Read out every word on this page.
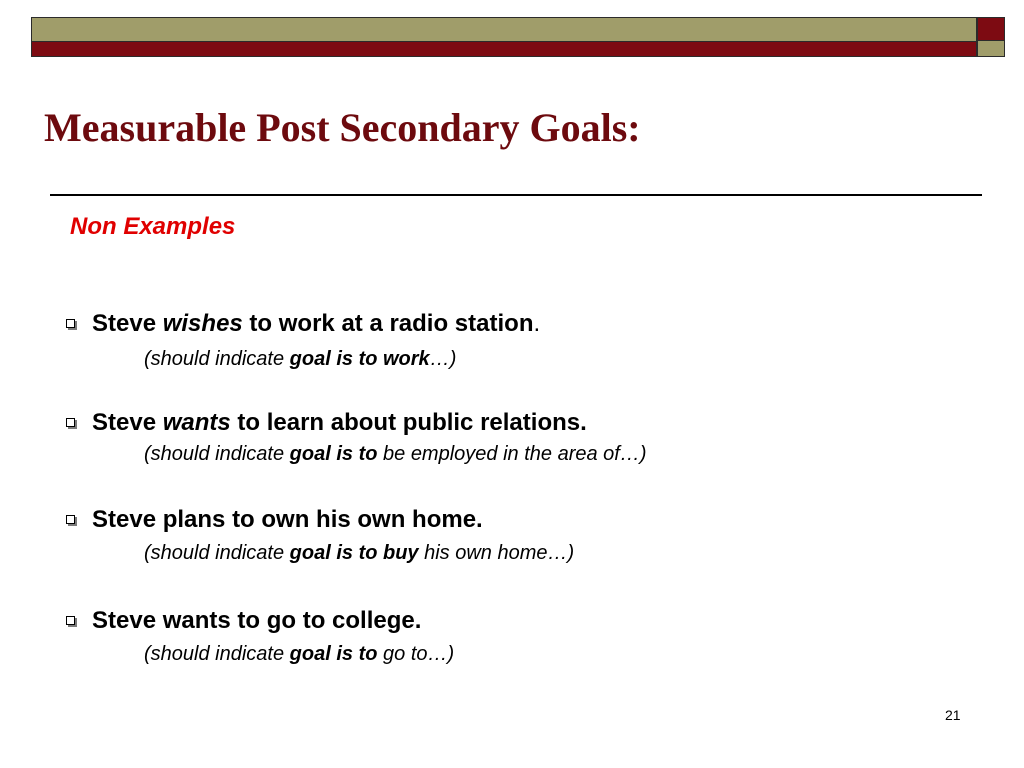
Measurable Post Secondary Goals:
Non Examples
Steve wishes to work at a radio station.
(should indicate goal is to work…)
Steve wants to learn about public relations.
(should indicate goal is to be employed in the area of…)
Steve plans to own his own home.
(should indicate goal is to buy his own home…)
Steve wants to go to college.
(should indicate goal is to go to…)
21
